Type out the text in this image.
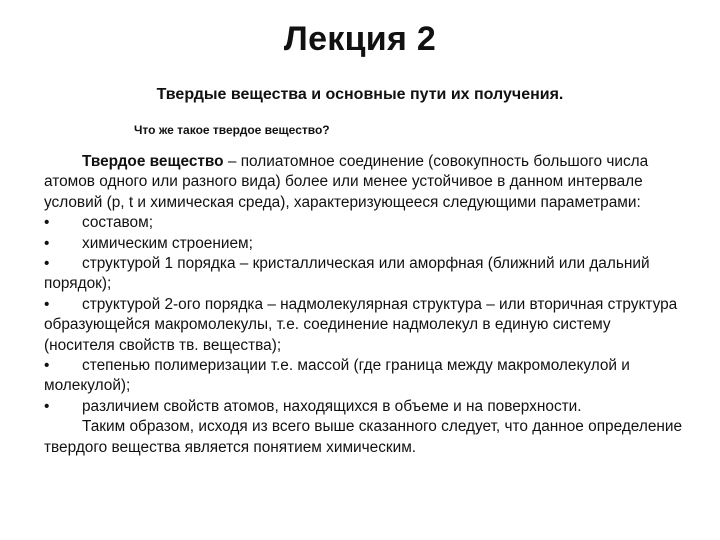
Лекция 2
Твердые вещества и основные пути их получения.
Что же такое твердое вещество?

Твердое вещество – полиатомное соединение (совокупность большого числа атомов одного или разного вида) более или менее устойчивое в данном интервале условий (p, t и химическая среда), характеризующееся следующими параметрами:

• составом;
• химическим строением;
• структурой 1 порядка – кристаллическая или аморфная (ближний или дальний порядок);
• структурой 2-ого порядка – надмолекулярная структура – или вторичная структура образующейся макромолекулы, т.е. соединение надмолекул в единую систему (носителя свойств тв. вещества);
• степенью полимеризации т.е. массой (где граница между макромолекулой и молекулой);
• различием свойств атомов, находящихся в объеме и на поверхности.

Таким образом, исходя из всего выше сказанного следует, что данное определение твердого вещества является понятием химическим.
